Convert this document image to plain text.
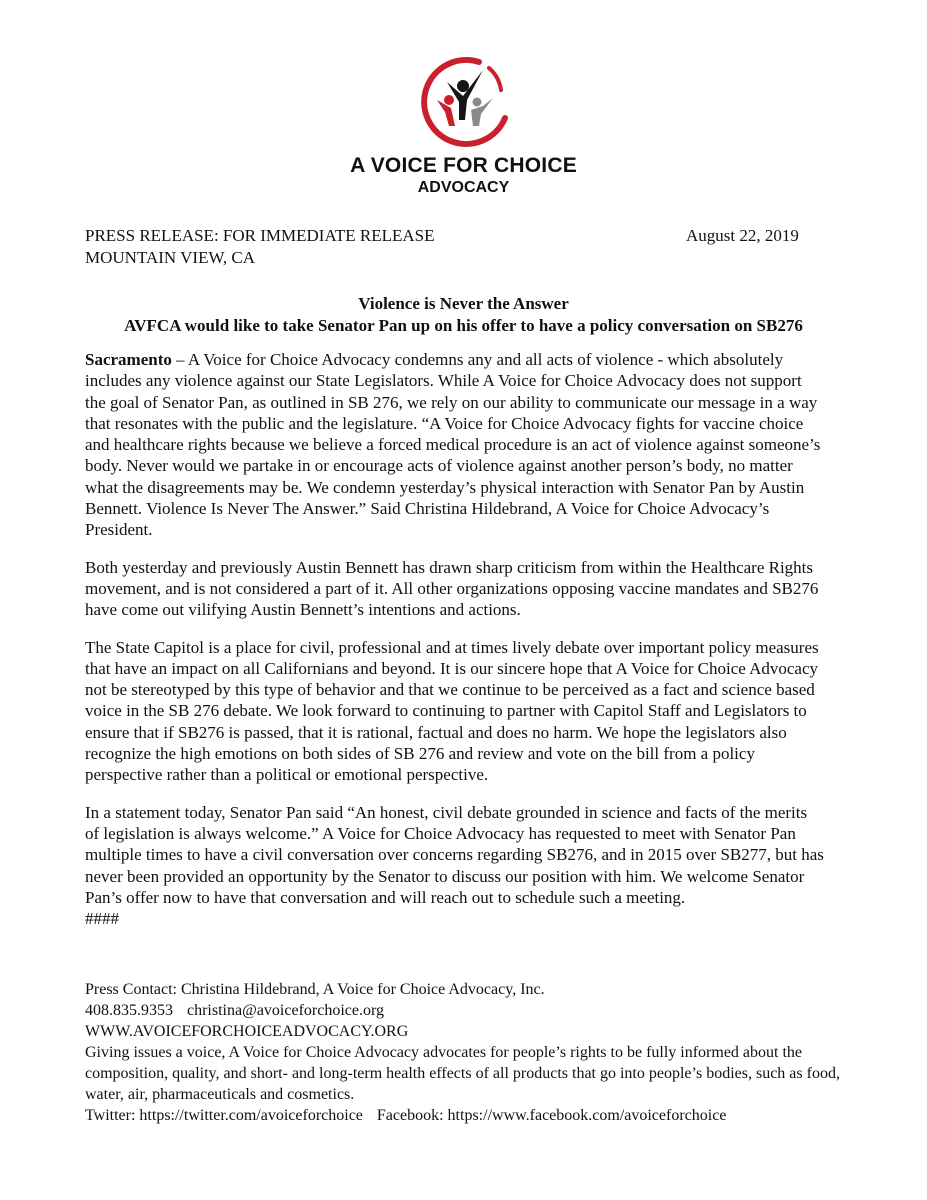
A VOICE FOR CHOICE
ADVOCACY
PRESS RELEASE: FOR IMMEDIATE RELEASE
MOUNTAIN VIEW, CA
August 22, 2019
Violence is Never the Answer
AVFCA would like to take Senator Pan up on his offer to have a policy conversation on SB276

Sacramento – A Voice for Choice Advocacy condemns any and all acts of violence - which absolutely includes any violence against our State Legislators. While A Voice for Choice Advocacy does not support the goal of Senator Pan, as outlined in SB 276, we rely on our ability to communicate our message in a way that resonates with the public and the legislature. “A Voice for Choice Advocacy fights for vaccine choice and healthcare rights because we believe a forced medical procedure is an act of violence against someone’s body. Never would we partake in or encourage acts of violence against another person’s body, no matter what the disagreements may be. We condemn yesterday’s physical interaction with Senator Pan by Austin Bennett. Violence Is Never The Answer.” Said Christina Hildebrand, A Voice for Choice Advocacy’s President.

Both yesterday and previously Austin Bennett has drawn sharp criticism from within the Healthcare Rights movement, and is not considered a part of it. All other organizations opposing vaccine mandates and SB276 have come out vilifying Austin Bennett’s intentions and actions.

The State Capitol is a place for civil, professional and at times lively debate over important policy measures that have an impact on all Californians and beyond. It is our sincere hope that A Voice for Choice Advocacy not be stereotyped by this type of behavior and that we continue to be perceived as a fact and science based voice in the SB 276 debate. We look forward to continuing to partner with Capitol Staff and Legislators to ensure that if SB276 is passed, that it is rational, factual and does no harm. We hope the legislators also recognize the high emotions on both sides of SB 276 and review and vote on the bill from a policy perspective rather than a political or emotional perspective.

In a statement today, Senator Pan said “An honest, civil debate grounded in science and facts of the merits of legislation is always welcome.” A Voice for Choice Advocacy has requested to meet with Senator Pan multiple times to have a civil conversation over concerns regarding SB276, and in 2015 over SB277, but has never been provided an opportunity by the Senator to discuss our position with him. We welcome Senator Pan’s offer now to have that conversation and will reach out to schedule such a meeting.

####
Press Contact: Christina Hildebrand, A Voice for Choice Advocacy, Inc.
408.835.9353 christina@avoiceforchoice.org
WWW.AVOICEFORCHOICEADVOCACY.ORG
Giving issues a voice, A Voice for Choice Advocacy advocates for people’s rights to be fully informed about the composition, quality, and short- and long-term health effects of all products that go into people’s bodies, such as food, water, air, pharmaceuticals and cosmetics.
Twitter: https://twitter.com/avoiceforchoice Facebook: https://www.facebook.com/avoiceforchoice
